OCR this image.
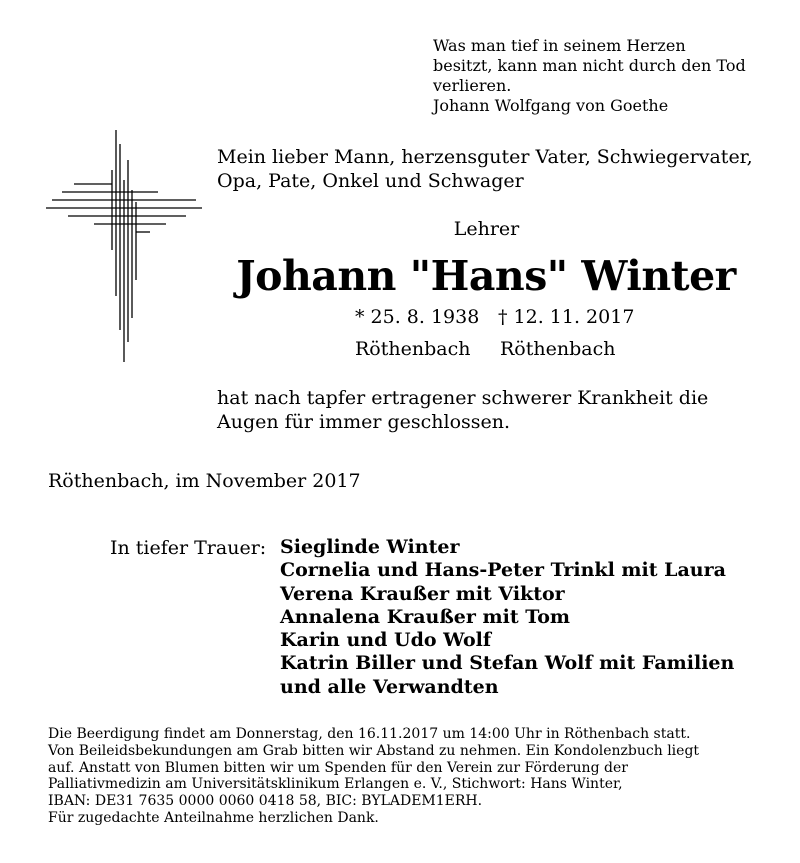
Was man tief in seinem Herzen
besitzt, kann man nicht durch den Tod
verlieren.
Johann Wolfgang von Goethe
Mein lieber Mann, herzensguter Vater, Schwiegervater,
Opa, Pate, Onkel und Schwager
Lehrer
Johann "Hans" Winter
* 25. 8. 1938 † 12. 11. 2017
Röthenbach Röthenbach
hat nach tapfer ertragener schwerer Krankheit die
Augen für immer geschlossen.
Röthenbach, im November 2017
In tiefer Trauer: Sieglinde Winter
Cornelia und Hans-Peter Trinkl mit Laura
Verena Kraußer mit Viktor
Annalena Kraußer mit Tom
Karin und Udo Wolf
Katrin Biller und Stefan Wolf mit Familien
und alle Verwandten
Die Beerdigung findet am Donnerstag, den 16.11.2017 um 14:00 Uhr in Röthenbach statt.
Von Beileidsbekundungen am Grab bitten wir Abstand zu nehmen. Ein Kondolenzbuch liegt
auf. Anstatt von Blumen bitten wir um Spenden für den Verein zur Förderung der
Palliativmedizin am Universitätsklinikum Erlangen e. V., Stichwort: Hans Winter,
IBAN: DE31 7635 0000 0060 0418 58, BIC: BYLADEM1ERH.
Für zugedachte Anteilnahme herzlichen Dank.
